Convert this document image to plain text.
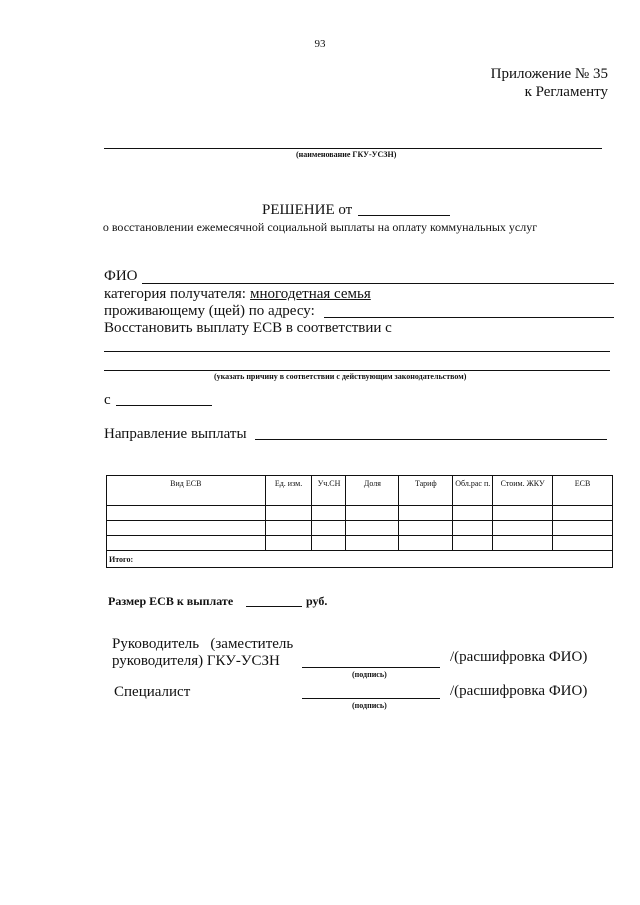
93
Приложение № 35
к Регламенту
(наименование ГКУ-УСЗН)
РЕШЕНИЕ от
о восстановлении ежемесячной социальной выплаты на оплату коммунальных услуг
ФИО
категория получателя: многодетная семья
проживающему (щей) по адресу:
Восстановить выплату ЕСВ в соответствии с
(указать причину в соответствии с действующим законодательством)
с
Направление выплаты
Вид ЕСВ	Ед. изм.	Уч.СН	Доля	Тариф	Обл.рас п.	Стоим. ЖКУ	ЕСВ

Итого:							
Размер ЕСВ к выплате	руб.
Руководитель   (заместитель
руководителя) ГКУ-УСЗН	/(расшифровка ФИО)
(подпись)
Специалист	/(расшифровка ФИО)
(подпись)
